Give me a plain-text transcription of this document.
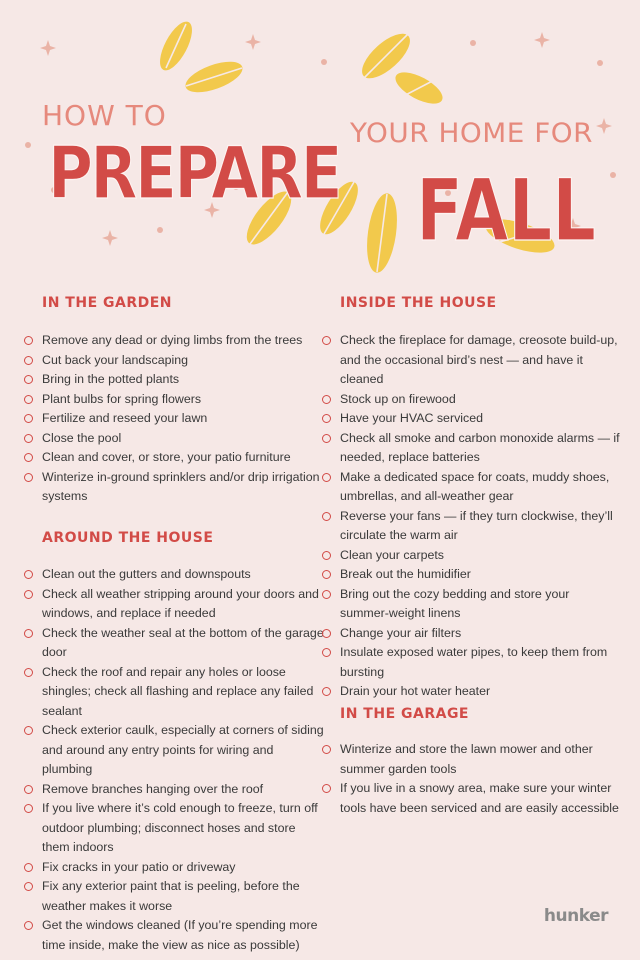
HOW TO
PREPARE YOUR HOME FOR
FALL
IN THE GARDEN
Remove any dead or dying limbs from the trees
Cut back your landscaping
Bring in the potted plants
Plant bulbs for spring flowers
Fertilize and reseed your lawn
Close the pool
Clean and cover, or store, your patio furniture
Winterize in-ground sprinklers and/or drip irrigation systems
AROUND THE HOUSE
Clean out the gutters and downspouts
Check all weather stripping around your doors and windows, and replace if needed
Check the weather seal at the bottom of the garage door
Check the roof and repair any holes or loose shingles; check all flashing and replace any failed sealant
Check exterior caulk, especially at corners of siding and around any entry points for wiring and plumbing
Remove branches hanging over the roof
If you live where it’s cold enough to freeze, turn off outdoor plumbing; disconnect hoses and store them indoors
Fix cracks in your patio or driveway
Fix any exterior paint that is peeling, before the weather makes it worse
Get the windows cleaned (If you’re spending more time inside, make the view as nice as possible)
INSIDE THE HOUSE
Check the fireplace for damage, creosote build-up, and the occasional bird’s nest — and have it cleaned
Stock up on firewood
Have your HVAC serviced
Check all smoke and carbon monoxide alarms — if needed, replace batteries
Make a dedicated space for coats, muddy shoes, umbrellas, and all-weather gear
Reverse your fans — if they turn clockwise, they’ll circulate the warm air
Clean your carpets
Break out the humidifier
Bring out the cozy bedding and store your summer-weight linens
Change your air filters
Insulate exposed water pipes, to keep them from bursting
Drain your hot water heater
IN THE GARAGE
Winterize and store the lawn mower and other summer garden tools
If you live in a snowy area, make sure your winter tools have been serviced and are easily accessible
hunker
